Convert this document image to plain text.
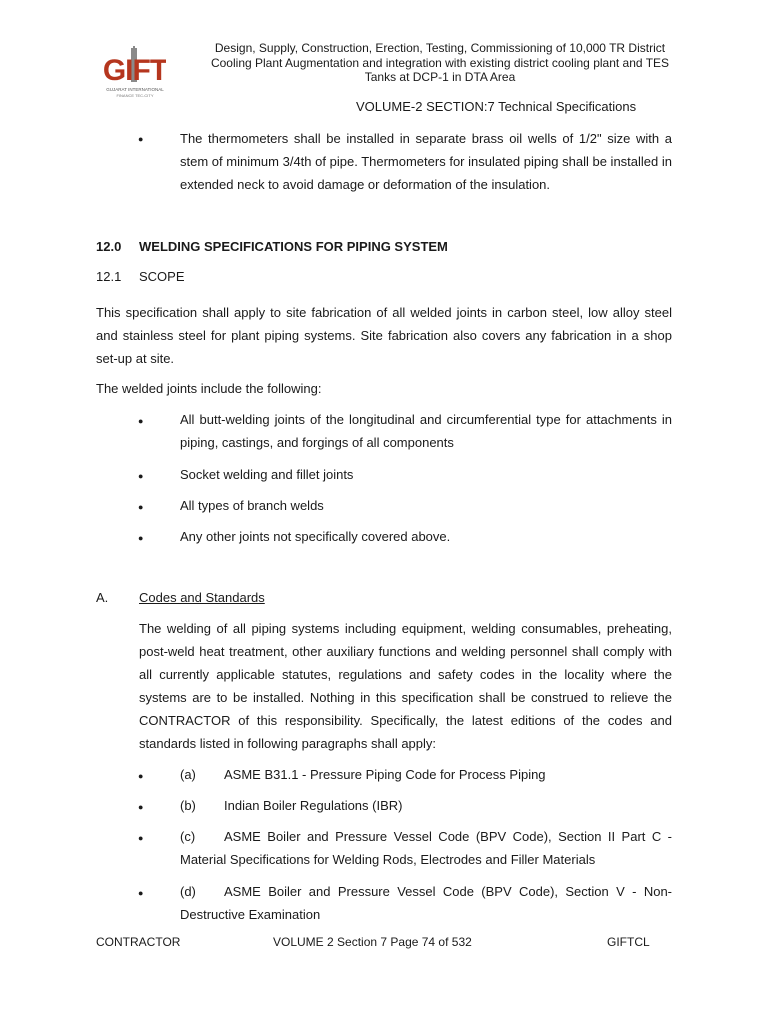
GIFT
GUJARAT INTERNATIONAL
FINANCE TEC-CITY
Design, Supply, Construction, Erection, Testing, Commissioning of 10,000 TR District
Cooling Plant Augmentation and integration with existing district cooling plant and TES
Tanks at DCP-1 in DTA Area
VOLUME-2 SECTION:7 Technical Specifications
●	The thermometers shall be installed in separate brass oil wells of 1/2" size with a stem of minimum 3/4th of pipe. Thermometers for insulated piping shall be installed in extended neck to avoid damage or deformation of the insulation.
12.0 WELDING SPECIFICATIONS FOR PIPING SYSTEM
12.1 SCOPE
This specification shall apply to site fabrication of all welded joints in carbon steel, low alloy steel and stainless steel for plant piping systems. Site fabrication also covers any fabrication in a shop set-up at site.
The welded joints include the following:
●	All butt-welding joints of the longitudinal and circumferential type for attachments in piping, castings, and forgings of all components
●	Socket welding and fillet joints
●	All types of branch welds
●	Any other joints not specifically covered above.
A. Codes and Standards
The welding of all piping systems including equipment, welding consumables, preheating, post-weld heat treatment, other auxiliary functions and welding personnel shall comply with all currently applicable statutes, regulations and safety codes in the locality where the systems are to be installed. Nothing in this specification shall be construed to relieve the CONTRACTOR of this responsibility. Specifically, the latest editions of the codes and standards listed in following paragraphs shall apply:
●	(a) ASME B31.1 - Pressure Piping Code for Process Piping
●	(b) Indian Boiler Regulations (IBR)
●	(c) ASME Boiler and Pressure Vessel Code (BPV Code), Section II Part C -
Material Specifications for Welding Rods, Electrodes and Filler Materials
●	(d) ASME Boiler and Pressure Vessel Code (BPV Code), Section V - Non-
Destructive Examination
CONTRACTOR	VOLUME 2 Section 7 Page 74 of 532	GIFTCL
